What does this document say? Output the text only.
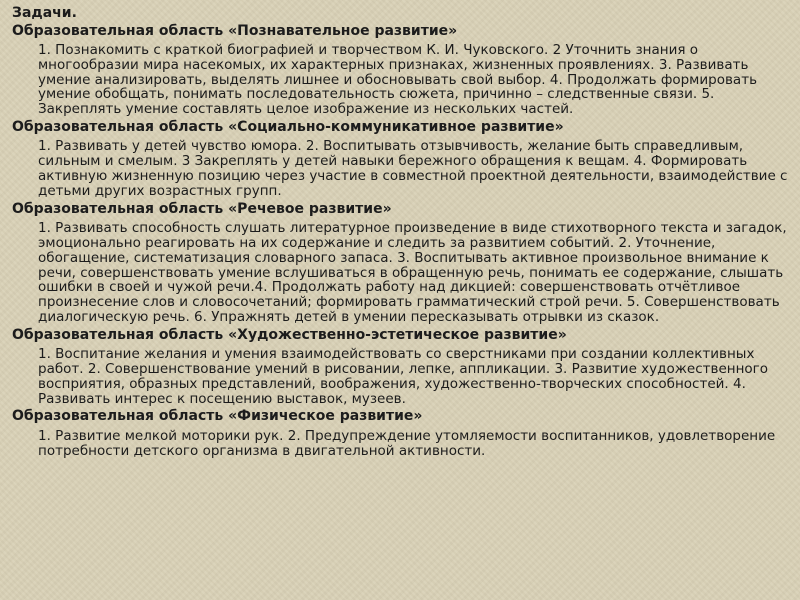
Задачи.
Образовательная область «Познавательное развитие»
1. Познакомить с краткой биографией и творчеством К. И. Чуковского. 2 Уточнить знания о многообразии мира насекомых, их характерных признаках, жизненных проявлениях. 3. Развивать умение анализировать, выделять лишнее и обосновывать свой выбор. 4. Продолжать формировать умение обобщать, понимать последовательность сюжета, причинно – следственные связи. 5. Закреплять умение составлять целое изображение из нескольких частей.
Образовательная область «Социально-коммуникативное развитие»
1. Развивать у детей чувство юмора. 2. Воспитывать отзывчивость, желание быть справедливым, сильным и смелым. 3 Закреплять у детей навыки бережного обращения к вещам. 4. Формировать активную жизненную позицию через участие в совместной проектной деятельности, взаимодействие с детьми других возрастных групп.
Образовательная область «Речевое развитие»
1. Развивать способность слушать литературное произведение в виде стихотворного текста и загадок, эмоционально реагировать на их содержание и следить за развитием событий. 2. Уточнение, обогащение, систематизация словарного запаса. 3. Воспитывать активное произвольное внимание к речи, совершенствовать умение вслушиваться в обращенную речь, понимать ее содержание, слышать ошибки в своей и чужой речи.4. Продолжать работу над дикцией: совершенствовать отчётливое произнесение слов и словосочетаний; формировать грамматический строй речи. 5. Совершенствовать диалогическую речь. 6. Упражнять детей в умении пересказывать отрывки из сказок.
Образовательная область «Художественно-эстетическое развитие»
1. Воспитание желания и умения взаимодействовать со сверстниками при создании коллективных работ. 2. Совершенствование умений в рисовании, лепке, аппликации. 3. Развитие художественного восприятия, образных представлений, воображения, художественно-творческих способностей. 4. Развивать интерес к посещению выставок, музеев.
Образовательная область «Физическое развитие»
1. Развитие мелкой моторики рук. 2. Предупреждение утомляемости воспитанников, удовлетворение потребности детского организма в двигательной активности.
